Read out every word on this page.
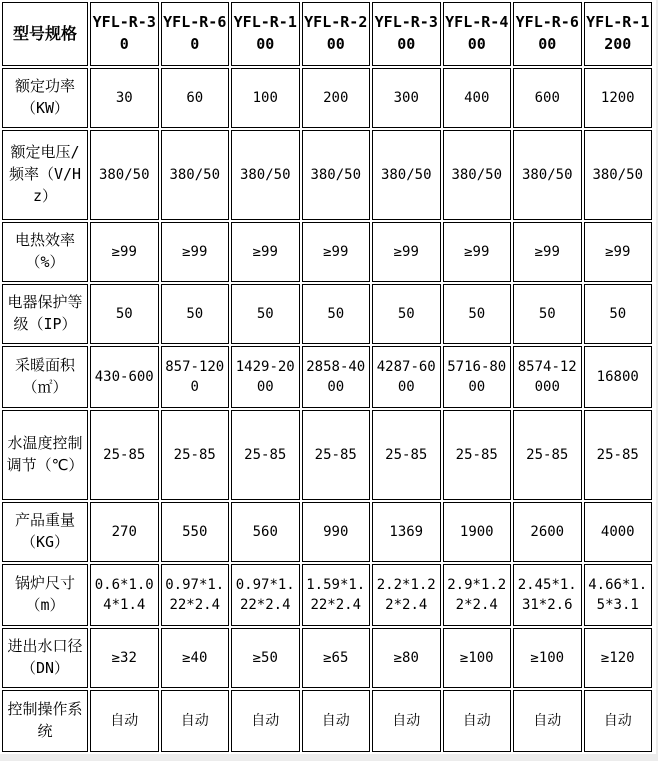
型号规格	YFL-R-30	YFL-R-60	YFL-R-100	YFL-R-200	YFL-R-300	YFL-R-400	YFL-R-600	YFL-R-1200
额定功率（KW）	30	60	100	200	300	400	600	1200
额定电压/频率（V/Hz）	380/50	380/50	380/50	380/50	380/50	380/50	380/50	380/50
电热效率（%）	≥99	≥99	≥99	≥99	≥99	≥99	≥99	≥99
电器保护等级（IP）	50	50	50	50	50	50	50	50
采暖面积（㎡）	430-600	857-1200	1429-2000	2858-4000	4287-6000	5716-8000	8574-12000	16800
水温度控制调节（℃）	25-85	25-85	25-85	25-85	25-85	25-85	25-85	25-85
产品重量（KG）	270	550	560	990	1369	1900	2600	4000
锅炉尺寸（m）	0.6*1.04*1.4	0.97*1.22*2.4	0.97*1.22*2.4	1.59*1.22*2.4	2.2*1.22*2.4	2.9*1.22*2.4	2.45*1.31*2.6	4.66*1.5*3.1
进出水口径（DN）	≥32	≥40	≥50	≥65	≥80	≥100	≥100	≥120
控制操作系统	自动	自动	自动	自动	自动	自动	自动	自动
